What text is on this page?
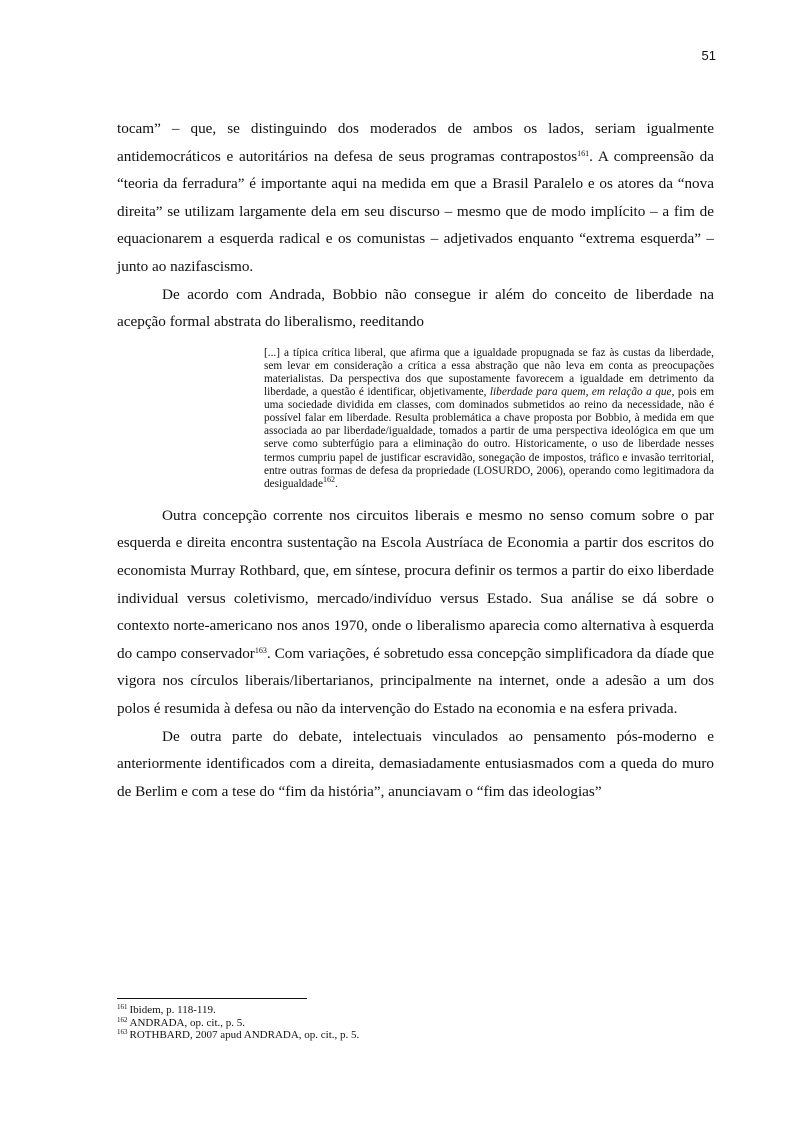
51

tocam” – que, se distinguindo dos moderados de ambos os lados, seriam igualmente antidemocráticos e autoritários na defesa de seus programas contrapostos$^{161}$. A compreensão da “teoria da ferradura” é importante aqui na medida em que a Brasil Paralelo e os atores da “nova direita” se utilizam largamente dela em seu discurso – mesmo que de modo implícito – a fim de equacionarem a esquerda radical e os comunistas – adjetivados enquanto “extrema esquerda” – junto ao nazifascismo.

De acordo com Andrada, Bobbio não consegue ir além do conceito de liberdade na acepção formal abstrata do liberalismo, reeditando

[...] a típica crítica liberal, que afirma que a igualdade propugnada se faz às custas da liberdade, sem levar em consideração a crítica a essa abstração que não leva em conta as preocupações materialistas. Da perspectiva dos que supostamente favorecem a igualdade em detrimento da liberdade, a questão é identificar, objetivamente, liberdade para quem, em relação a que, pois em uma sociedade dividida em classes, com dominados submetidos ao reino da necessidade, não é possível falar em liberdade. Resulta problemática a chave proposta por Bobbio, à medida em que associada ao par liberdade/igualdade, tomados a partir de uma perspectiva ideológica em que um serve como subterfúgio para a eliminação do outro. Historicamente, o uso de liberdade nesses termos cumpriu papel de justificar escravidão, sonegação de impostos, tráfico e invasão territorial, entre outras formas de defesa da propriedade (LOSURDO, 2006), operando como legitimadora da desigualdade$^{162}$.

Outra concepção corrente nos circuitos liberais e mesmo no senso comum sobre o par esquerda e direita encontra sustentação na Escola Austríaca de Economia a partir dos escritos do economista Murray Rothbard, que, em síntese, procura definir os termos a partir do eixo liberdade individual versus coletivismo, mercado/indivíduo versus Estado. Sua análise se dá sobre o contexto norte-americano nos anos 1970, onde o liberalismo aparecia como alternativa à esquerda do campo conservador$^{163}$. Com variações, é sobretudo essa concepção simplificadora da díade que vigora nos círculos liberais/libertarianos, principalmente na internet, onde a adesão a um dos polos é resumida à defesa ou não da intervenção do Estado na economia e na esfera privada.

De outra parte do debate, intelectuais vinculados ao pensamento pós-moderno e anteriormente identificados com a direita, demasiadamente entusiasmados com a queda do muro de Berlim e com a tese do “fim da história”, anunciavam o “fim das ideologias”

$^{161}$ Ibidem, p. 118-119.

$^{162}$ ANDRADA, op. cit., p. 5.

$^{163}$ ROTHBARD, 2007 apud ANDRADA, op. cit., p. 5.
